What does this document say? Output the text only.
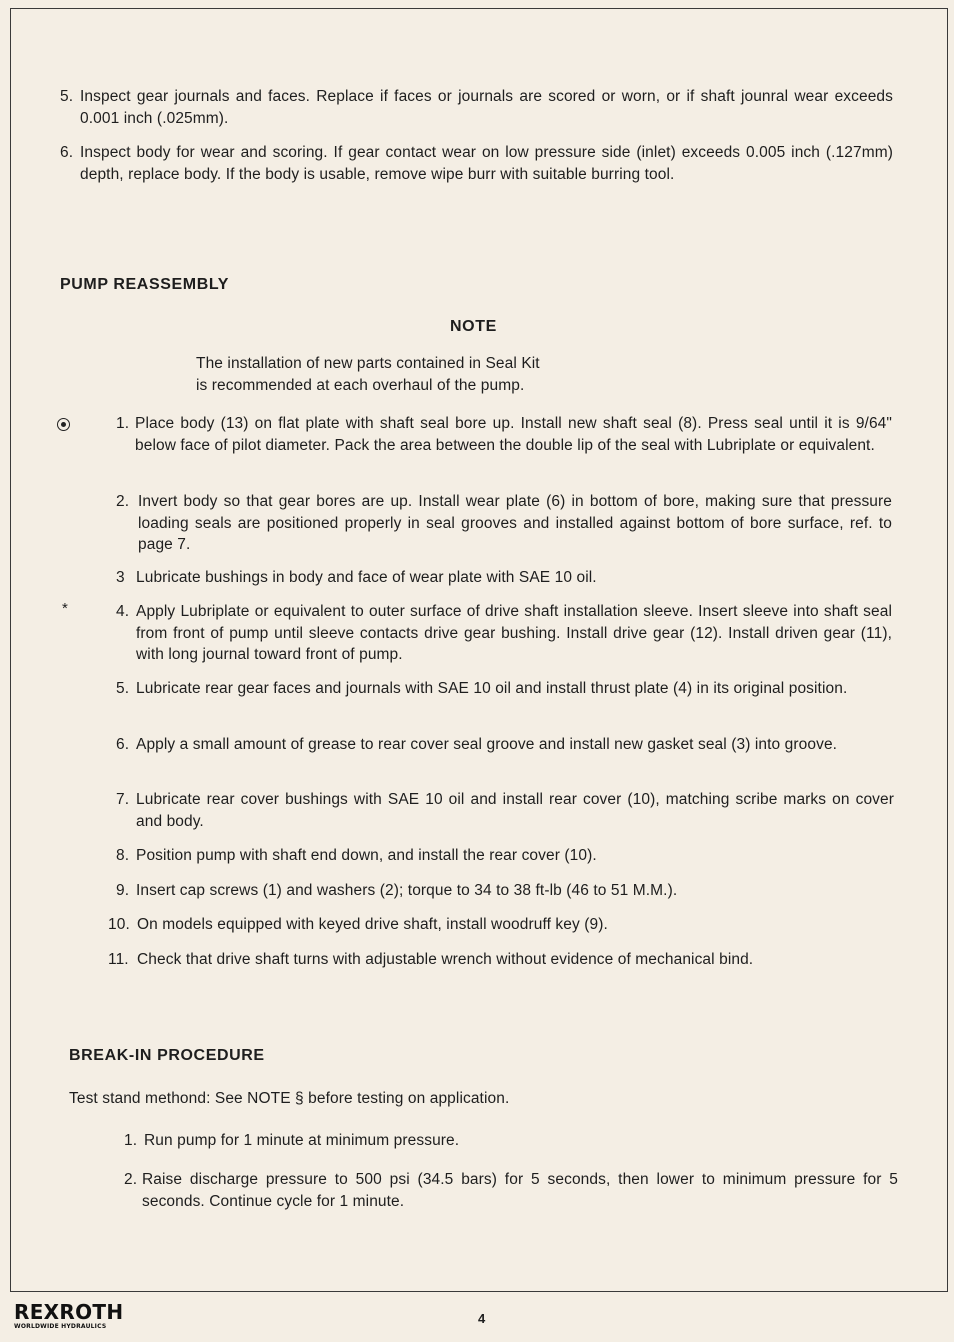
5. Inspect gear journals and faces. Replace if faces or journals are scored or worn, or if shaft jounral wear exceeds 0.001 inch (.025mm).
6. Inspect body for wear and scoring. If gear contact wear on low pressure side (inlet) exceeds 0.005 inch (.127mm) depth, replace body. If the body is usable, remove wipe burr with suitable burring tool.
PUMP REASSEMBLY
NOTE
The installation of new parts contained in Seal Kit
is recommended at each overhaul of the pump.
*
1. Place body (13) on flat plate with shaft seal bore up. Install new shaft seal (8). Press seal until it is 9/64" below face of pilot diameter. Pack the area between the double lip of the seal with Lubriplate or equivalent.
2. Invert body so that gear bores are up. Install wear plate (6) in bottom of bore, making sure that pressure loading seals are positioned properly in seal grooves and installed against bottom of bore surface, ref. to page 7.
3 Lubricate bushings in body and face of wear plate with SAE 10 oil.
4. Apply Lubriplate or equivalent to outer surface of drive shaft installation sleeve. Insert sleeve into shaft seal from front of pump until sleeve contacts drive gear bushing. Install drive gear (12). Install driven gear (11), with long journal toward front of pump.
5. Lubricate rear gear faces and journals with SAE 10 oil and install thrust plate (4) in its original position.
6. Apply a small amount of grease to rear cover seal groove and install new gasket seal (3) into groove.
7. Lubricate rear cover bushings with SAE 10 oil and install rear cover (10), matching scribe marks on cover and body.
8. Position pump with shaft end down, and install the rear cover (10).
9. Insert cap screws (1) and washers (2); torque to 34 to 38 ft-lb (46 to 51 M.M.).
10. On models equipped with keyed drive shaft, install woodruff key (9).
11. Check that drive shaft turns with adjustable wrench without evidence of mechanical bind.
BREAK-IN PROCEDURE
Test stand methond: See NOTE § before testing on application.
1. Run pump for 1 minute at minimum pressure.
2. Raise discharge pressure to 500 psi (34.5 bars) for 5 seconds, then lower to minimum pressure for 5 seconds. Continue cycle for 1 minute.
REXROTH
WORLDWIDE HYDRAULICS
4
